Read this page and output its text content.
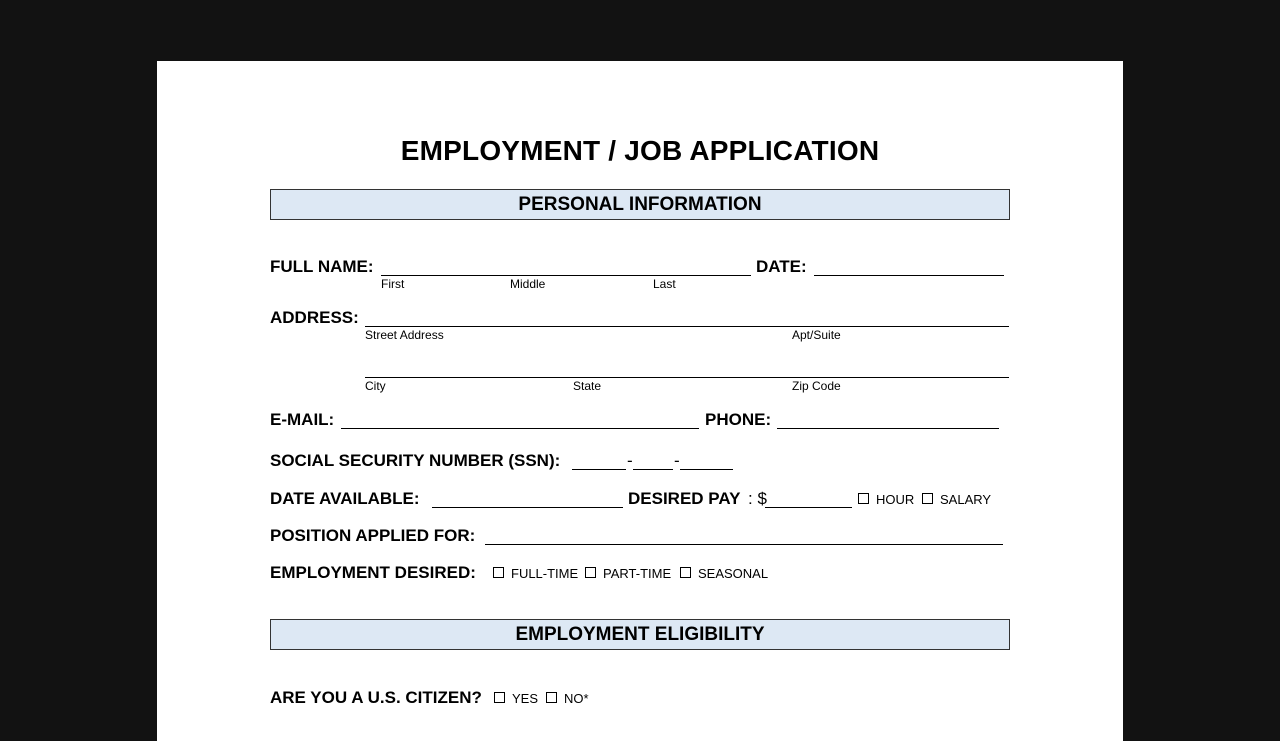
EMPLOYMENT / JOB APPLICATION
PERSONAL INFORMATION
FULL NAME:
First	Middle	Last
DATE:
ADDRESS:
Street Address	Apt/Suite
City	State	Zip Code
E-MAIL:	PHONE:
SOCIAL SECURITY NUMBER (SSN):	- -
DATE AVAILABLE:	DESIRED PAY : $	HOUR SALARY
POSITION APPLIED FOR:
EMPLOYMENT DESIRED:	FULL-TIME PART-TIME SEASONAL
EMPLOYMENT ELIGIBILITY
ARE YOU A U.S. CITIZEN? YES NO*
